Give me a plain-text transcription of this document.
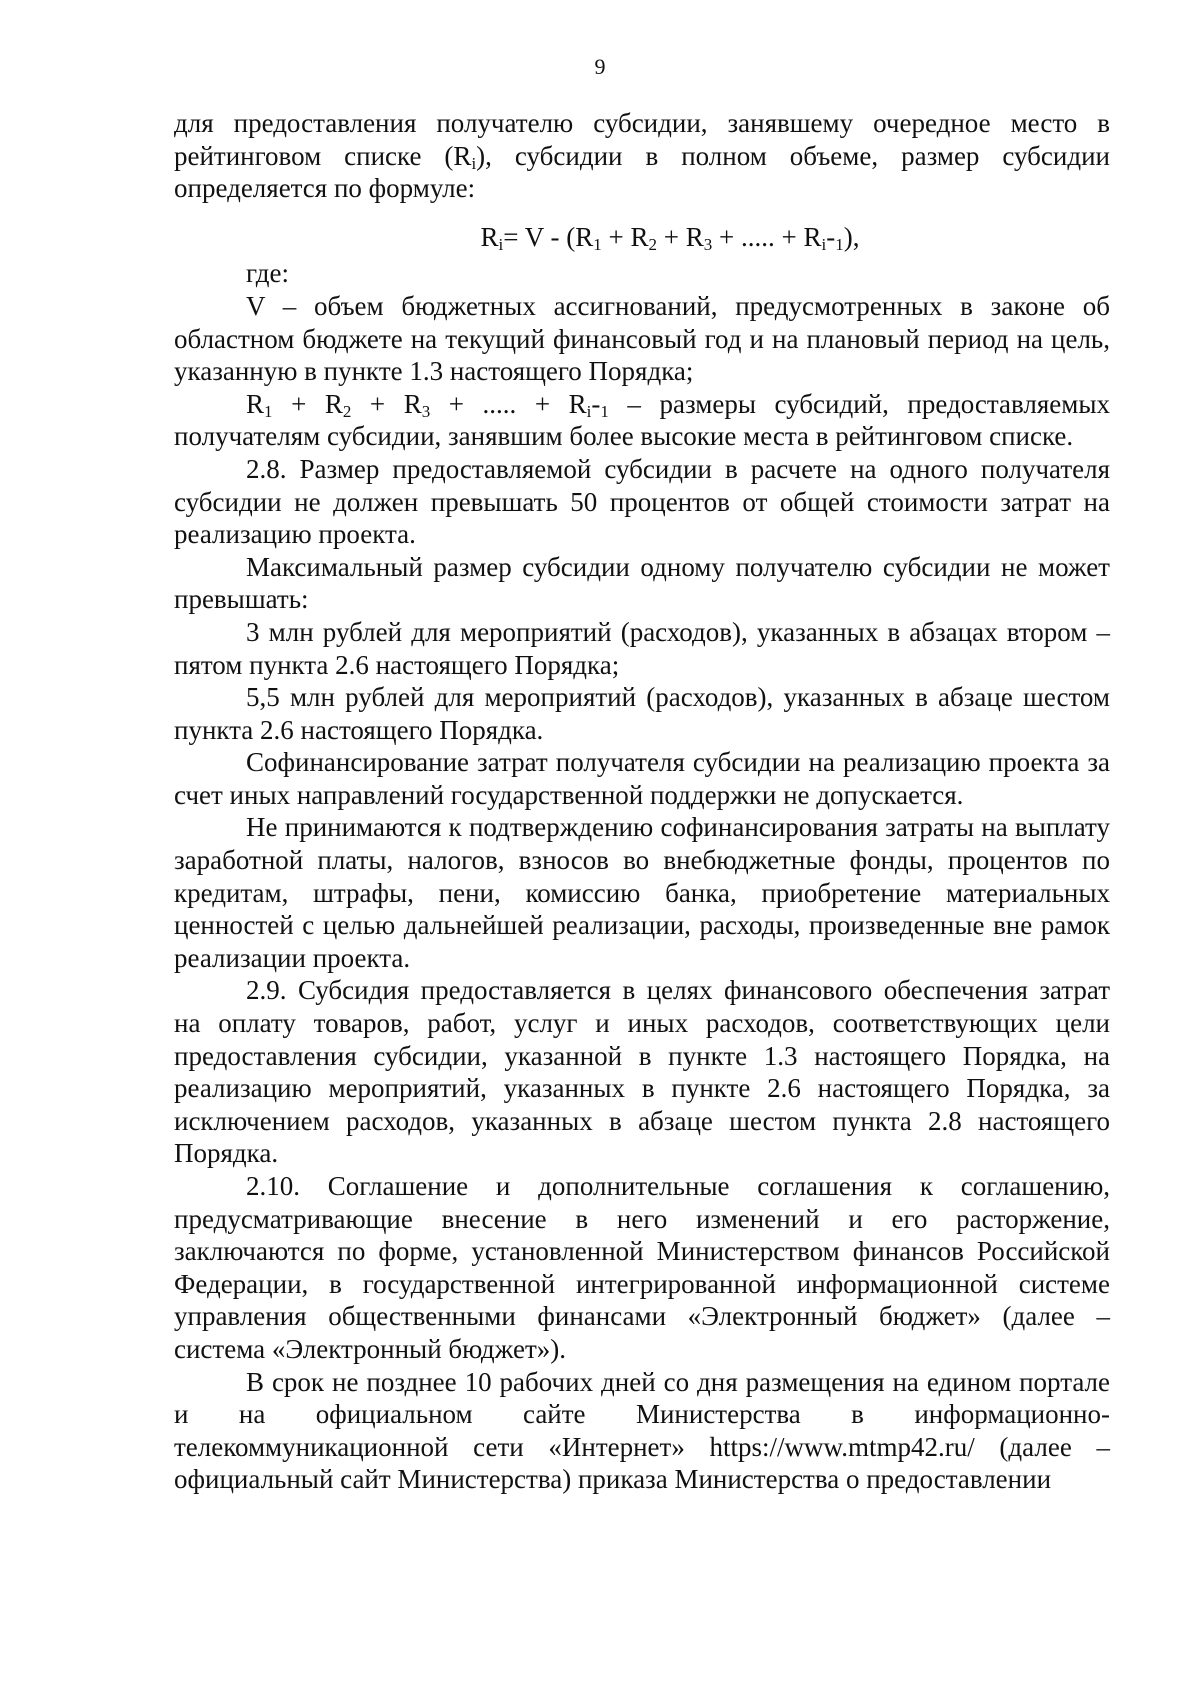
9

для предоставления получателю субсидии, занявшему очередное место в рейтинговом списке $(R_i)$, субсидии в полном объеме, размер субсидии определяется по формуле:

$R_i= V - (R_1 + R_2 + R_3$ + ..... + $R_i-_1$),

где:

V – объем бюджетных ассигнований, предусмотренных в законе об областном бюджете на текущий финансовый год и на плановый период на цель, указанную в пункте 1.3 настоящего Порядка;

$R_1 + R_2 + R_3$ + ..... + $R_i-_1$ – размеры субсидий, предоставляемых получателям субсидии, занявшим более высокие места в рейтинговом списке.

2.8. Размер предоставляемой субсидии в расчете на одного получателя субсидии не должен превышать 50 процентов от общей стоимости затрат на реализацию проекта.

Максимальный размер субсидии одному получателю субсидии не может превышать:

3 млн рублей для мероприятий (расходов), указанных в абзацах втором – пятом пункта 2.6 настоящего Порядка;

5,5 млн рублей для мероприятий (расходов), указанных в абзаце шестом пункта 2.6 настоящего Порядка.

Софинансирование затрат получателя субсидии на реализацию проекта за счет иных направлений государственной поддержки не допускается.

Не принимаются к подтверждению софинансирования затраты на выплату заработной платы, налогов, взносов во внебюджетные фонды, процентов по кредитам, штрафы, пени, комиссию банка, приобретение материальных ценностей с целью дальнейшей реализации, расходы, произведенные вне рамок реализации проекта.

2.9. Субсидия предоставляется в целях финансового обеспечения затрат на оплату товаров, работ, услуг и иных расходов, соответствующих цели предоставления субсидии, указанной в пункте 1.3 настоящего Порядка, на реализацию мероприятий, указанных в пункте 2.6 настоящего Порядка, за исключением расходов, указанных в абзаце шестом пункта 2.8 настоящего Порядка.

2.10. Соглашение и дополнительные соглашения к соглашению, предусматривающие внесение в него изменений и его расторжение, заключаются по форме, установленной Министерством финансов Российской Федерации, в государственной интегрированной информационной системе управления общественными финансами «Электронный бюджет» (далее – система «Электронный бюджет»).

В срок не позднее 10 рабочих дней со дня размещения на едином портале и на официальном сайте Министерства в информационно-телекоммуникационной сети «Интернет» https://www.mtmp42.ru/ (далее – официальный сайт Министерства) приказа Министерства о предоставлении
